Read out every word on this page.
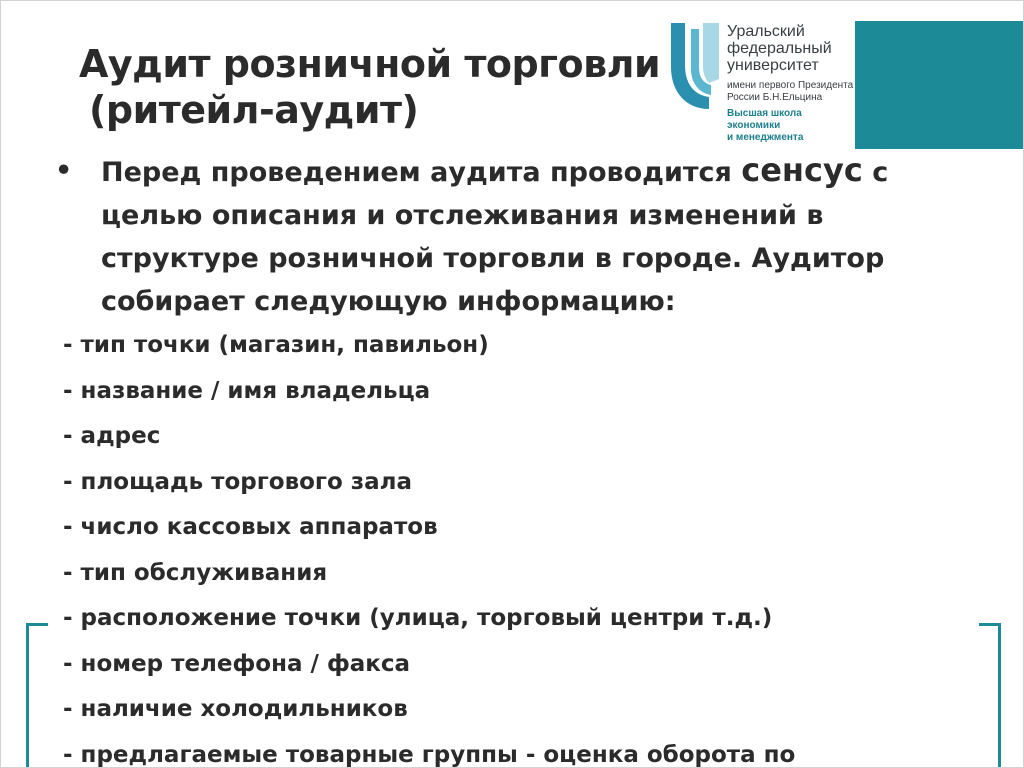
Аудит розничной торговли
(ритейл-аудит)
Уральский
федеральный
университет
имени первого Президента
России Б.Н.Ельцина
Высшая школа
экономики
и менеджмента
• Перед проведением аудита проводится сенсус с целью описания и отслеживания изменений в структуре розничной торговли в городе. Аудитор собирает следующую информацию:
- тип точки (магазин, павильон)
- название / имя владельца
- адрес
- площадь торгового зала
- число кассовых аппаратов
- тип обслуживания
- расположение точки (улица, торговый центри т.д.)
- номер телефона / факса
- наличие холодильников
- предлагаемые товарные группы - оценка оборота по
